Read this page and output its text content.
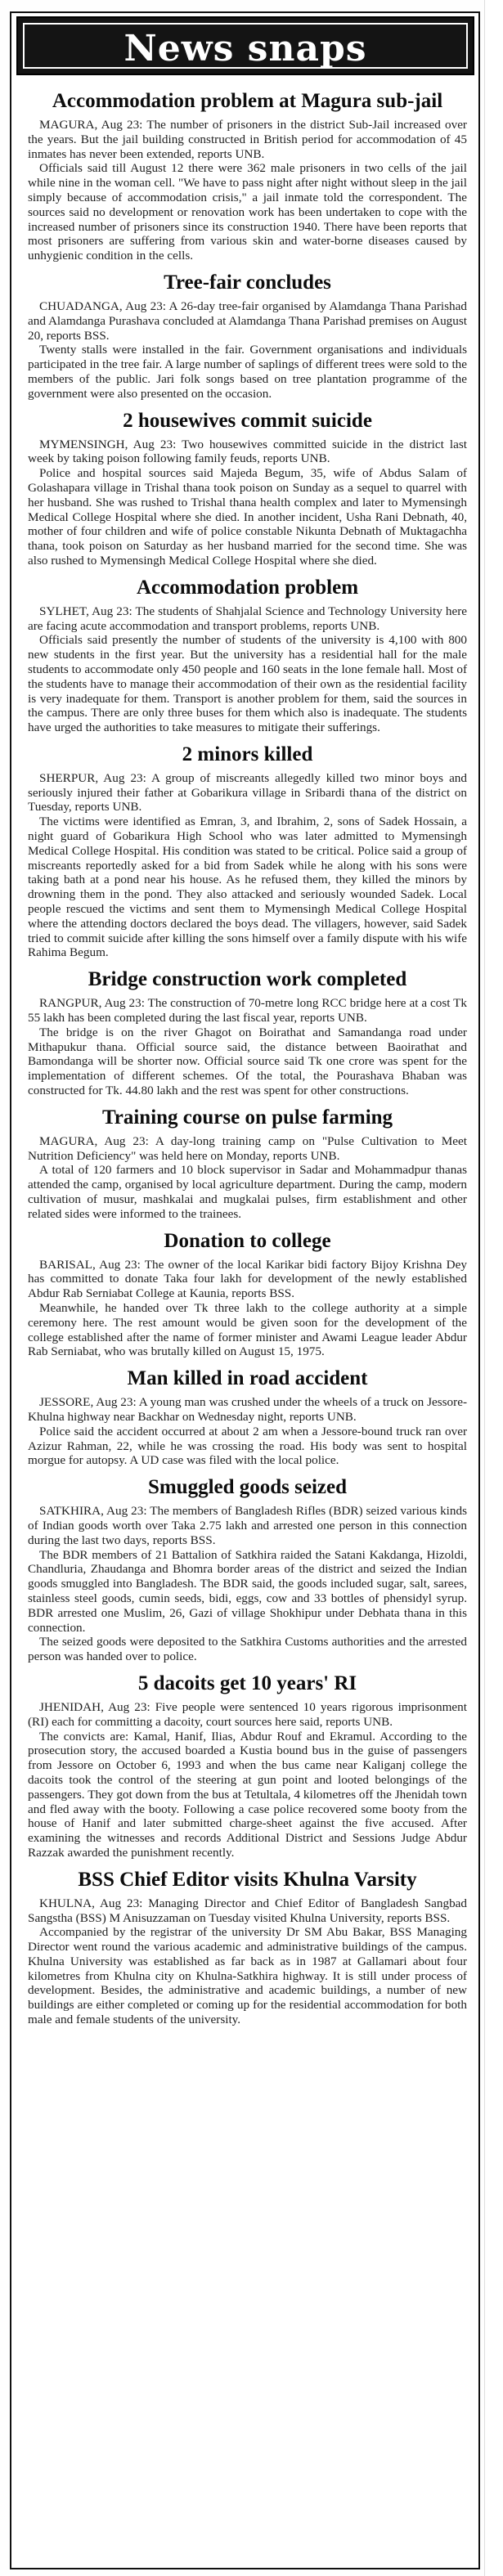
News snaps
Accommodation problem at Magura sub-jail

MAGURA, Aug 23: The number of prisoners in the district Sub-Jail increased over the years. But the jail building constructed in British period for accommodation of 45 inmates has never been extended, reports UNB.

Officials said till August 12 there were 362 male prisoners in two cells of the jail while nine in the woman cell. "We have to pass night after night without sleep in the jail simply because of accommodation crisis," a jail inmate told the correspondent. The sources said no development or renovation work has been undertaken to cope with the increased number of prisoners since its construction 1940. There have been reports that most prisoners are suffering from various skin and water-borne diseases caused by unhygienic condition in the cells.

Tree-fair concludes

CHUADANGA, Aug 23: A 26-day tree-fair organised by Alamdanga Thana Parishad and Alamdanga Purashava concluded at Alamdanga Thana Parishad premises on August 20, reports BSS.

Twenty stalls were installed in the fair. Government organisations and individuals participated in the tree fair. A large number of saplings of different trees were sold to the members of the public. Jari folk songs based on tree plantation programme of the government were also presented on the occasion.

2 housewives commit suicide

MYMENSINGH, Aug 23: Two housewives committed suicide in the district last week by taking poison following family feuds, reports UNB.

Police and hospital sources said Majeda Begum, 35, wife of Abdus Salam of Golashapara village in Trishal thana took poison on Sunday as a sequel to quarrel with her husband. She was rushed to Trishal thana health complex and later to Mymensingh Medical College Hospital where she died. In another incident, Usha Rani Debnath, 40, mother of four children and wife of police constable Nikunta Debnath of Muktagachha thana, took poison on Saturday as her husband married for the second time. She was also rushed to Mymensingh Medical College Hospital where she died.

Accommodation problem

SYLHET, Aug 23: The students of Shahjalal Science and Technology University here are facing acute accommodation and transport problems, reports UNB.

Officials said presently the number of students of the university is 4,100 with 800 new students in the first year. But the university has a residential hall for the male students to accommodate only 450 people and 160 seats in the lone female hall. Most of the students have to manage their accommodation of their own as the residential facility is very inadequate for them. Transport is another problem for them, said the sources in the campus. There are only three buses for them which also is inadequate. The students have urged the authorities to take measures to mitigate their sufferings.

2 minors killed

SHERPUR, Aug 23: A group of miscreants allegedly killed two minor boys and seriously injured their father at Gobarikura village in Sribardi thana of the district on Tuesday, reports UNB.

The victims were identified as Emran, 3, and Ibrahim, 2, sons of Sadek Hossain, a night guard of Gobarikura High School who was later admitted to Mymensingh Medical College Hospital. His condition was stated to be critical. Police said a group of miscreants reportedly asked for a bid from Sadek while he along with his sons were taking bath at a pond near his house. As he refused them, they killed the minors by drowning them in the pond. They also attacked and seriously wounded Sadek. Local people rescued the victims and sent them to Mymensingh Medical College Hospital where the attending doctors declared the boys dead. The villagers, however, said Sadek tried to commit suicide after killing the sons himself over a family dispute with his wife Rahima Begum.

Bridge construction work completed

RANGPUR, Aug 23: The construction of 70-metre long RCC bridge here at a cost Tk 55 lakh has been completed during the last fiscal year, reports UNB.

The bridge is on the river Ghagot on Boirathat and Samandanga road under Mithapukur thana. Official source said, the distance between Baoirathat and Bamondanga will be shorter now. Official source said Tk one crore was spent for the implementation of different schemes. Of the total, the Pourashava Bhaban was constructed for Tk. 44.80 lakh and the rest was spent for other constructions.

Training course on pulse farming

MAGURA, Aug 23: A day-long training camp on "Pulse Cultivation to Meet Nutrition Deficiency" was held here on Monday, reports UNB.

A total of 120 farmers and 10 block supervisor in Sadar and Mohammadpur thanas attended the camp, organised by local agriculture department. During the camp, modern cultivation of musur, mashkalai and mugkalai pulses, firm establishment and other related sides were informed to the trainees.

Donation to college

BARISAL, Aug 23: The owner of the local Karikar bidi factory Bijoy Krishna Dey has committed to donate Taka four lakh for development of the newly established Abdur Rab Serniabat College at Kaunia, reports BSS.

Meanwhile, he handed over Tk three lakh to the college authority at a simple ceremony here. The rest amount would be given soon for the development of the college established after the name of former minister and Awami League leader Abdur Rab Serniabat, who was brutally killed on August 15, 1975.

Man killed in road accident

JESSORE, Aug 23: A young man was crushed under the wheels of a truck on Jessore-Khulna highway near Backhar on Wednesday night, reports UNB.

Police said the accident occurred at about 2 am when a Jessore-bound truck ran over Azizur Rahman, 22, while he was crossing the road. His body was sent to hospital morgue for autopsy. A UD case was filed with the local police.

Smuggled goods seized

SATKHIRA, Aug 23: The members of Bangladesh Rifles (BDR) seized various kinds of Indian goods worth over Taka 2.75 lakh and arrested one person in this connection during the last two days, reports BSS.

The BDR members of 21 Battalion of Satkhira raided the Satani Kakdanga, Hizoldi, Chandluria, Zhaudanga and Bhomra border areas of the district and seized the Indian goods smuggled into Bangladesh. The BDR said, the goods included sugar, salt, sarees, stainless steel goods, cumin seeds, bidi, eggs, cow and 33 bottles of phensidyl syrup. BDR arrested one Muslim, 26, Gazi of village Shokhipur under Debhata thana in this connection.

The seized goods were deposited to the Satkhira Customs authorities and the arrested person was handed over to police.

5 dacoits get 10 years' RI

JHENIDAH, Aug 23: Five people were sentenced 10 years rigorous imprisonment (RI) each for committing a dacoity, court sources here said, reports UNB.

The convicts are: Kamal, Hanif, Ilias, Abdur Rouf and Ekramul. According to the prosecution story, the accused boarded a Kustia bound bus in the guise of passengers from Jessore on October 6, 1993 and when the bus came near Kaliganj college the dacoits took the control of the steering at gun point and looted belongings of the passengers. They got down from the bus at Tetultala, 4 kilometres off the Jhenidah town and fled away with the booty. Following a case police recovered some booty from the house of Hanif and later submitted charge-sheet against the five accused. After examining the witnesses and records Additional District and Sessions Judge Abdur Razzak awarded the punishment recently.

BSS Chief Editor visits Khulna Varsity

KHULNA, Aug 23: Managing Director and Chief Editor of Bangladesh Sangbad Sangstha (BSS) M Anisuzzaman on Tuesday visited Khulna University, reports BSS.

Accompanied by the registrar of the university Dr SM Abu Bakar, BSS Managing Director went round the various academic and administrative buildings of the campus. Khulna University was established as far back as in 1987 at Gallamari about four kilometres from Khulna city on Khulna-Satkhira highway. It is still under process of development. Besides, the administrative and academic buildings, a number of new buildings are either completed or coming up for the residential accommodation for both male and female students of the university.
